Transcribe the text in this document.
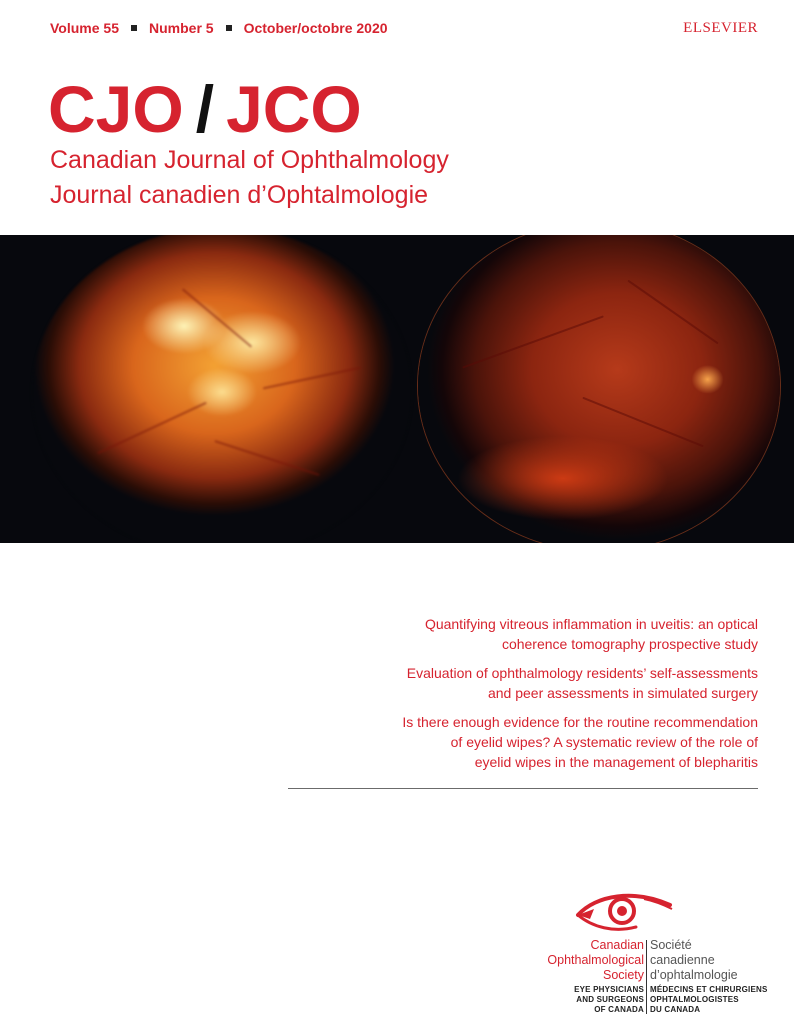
Volume 55 Number 5 October/octobre 2020	ELSEVIER
CJO / JCO
Canadian Journal of Ophthalmology
Journal canadien d’Ophtalmologie
Quantifying vitreous inflammation in uveitis: an optical
coherence tomography prospective study
Evaluation of ophthalmology residents’ self-assessments
and peer assessments in simulated surgery
Is there enough evidence for the routine recommendation
of eyelid wipes? A systematic review of the role of
eyelid wipes in the management of blepharitis
Canadian
Ophthalmological
Society
Société
canadienne
d’ophtalmologie
EYE PHYSICIANS
AND SURGEONS
OF CANADA
MÉDECINS ET CHIRURGIENS
OPHTALMOLOGISTES
DU CANADA
